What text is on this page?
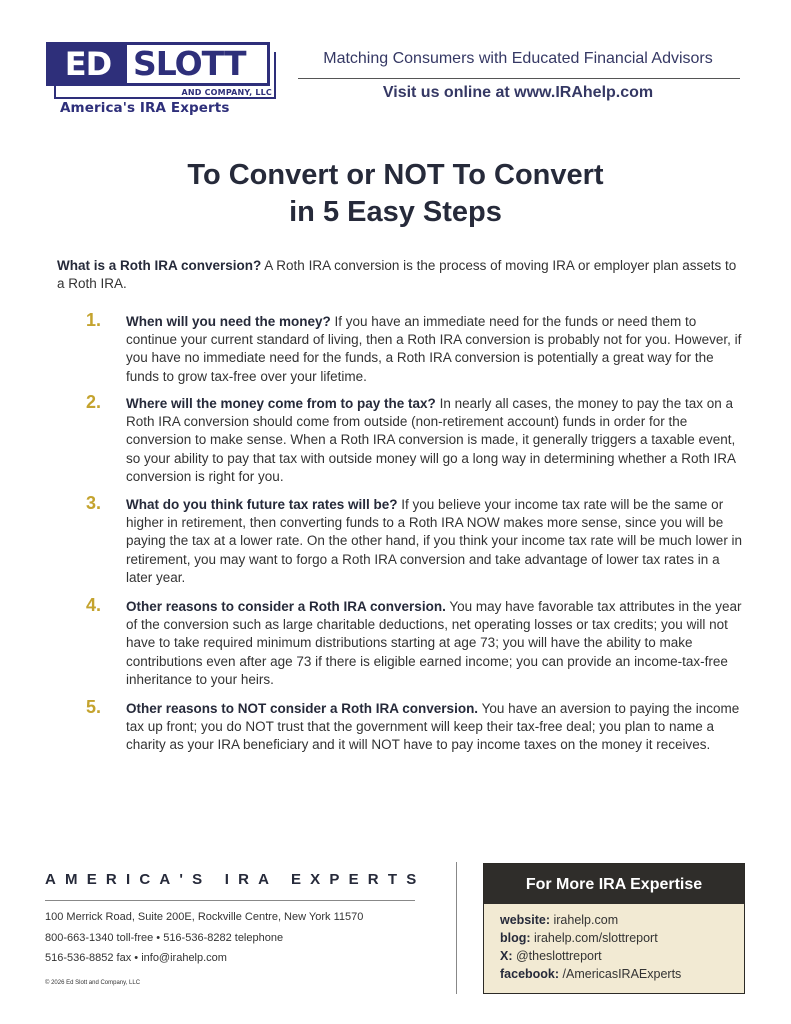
ED SLOTT
AND COMPANY, LLC
America's IRA Experts
Matching Consumers with Educated Financial Advisors
Visit us online at www.IRAhelp.com
To Convert or NOT To Convert
in 5 Easy Steps
What is a Roth IRA conversion? A Roth IRA conversion is the process of moving IRA or employer plan assets to a Roth IRA.
1. When will you need the money? If you have an immediate need for the funds or need them to continue your current standard of living, then a Roth IRA conversion is probably not for you. However, if you have no immediate need for the funds, a Roth IRA conversion is potentially a great way for the funds to grow tax-free over your lifetime.
2. Where will the money come from to pay the tax? In nearly all cases, the money to pay the tax on a Roth IRA conversion should come from outside (non-retirement account) funds in order for the conversion to make sense. When a Roth IRA conversion is made, it generally triggers a taxable event, so your ability to pay that tax with outside money will go a long way in determining whether a Roth IRA conversion is right for you.
3. What do you think future tax rates will be? If you believe your income tax rate will be the same or higher in retirement, then converting funds to a Roth IRA NOW makes more sense, since you will be paying the tax at a lower rate. On the other hand, if you think your income tax rate will be much lower in retirement, you may want to forgo a Roth IRA conversion and take advantage of lower tax rates in a later year.
4. Other reasons to consider a Roth IRA conversion. You may have favorable tax attributes in the year of the conversion such as large charitable deductions, net operating losses or tax credits; you will not have to take required minimum distributions starting at age 73; you will have the ability to make contributions even after age 73 if there is eligible earned income; you can provide an income-tax-free inheritance to your heirs.
5. Other reasons to NOT consider a Roth IRA conversion. You have an aversion to paying the income tax up front; you do NOT trust that the government will keep their tax-free deal; you plan to name a charity as your IRA beneficiary and it will NOT have to pay income taxes on the money it receives.
AMERICA'S IRA EXPERTS
100 Merrick Road, Suite 200E, Rockville Centre, New York 11570
800-663-1340 toll-free • 516-536-8282 telephone
516-536-8852 fax • info@irahelp.com
© 2026 Ed Slott and Company, LLC
For More IRA Expertise
website: irahelp.com
blog: irahelp.com/slottreport
X: @theslottreport
facebook: /AmericasIRAExperts
